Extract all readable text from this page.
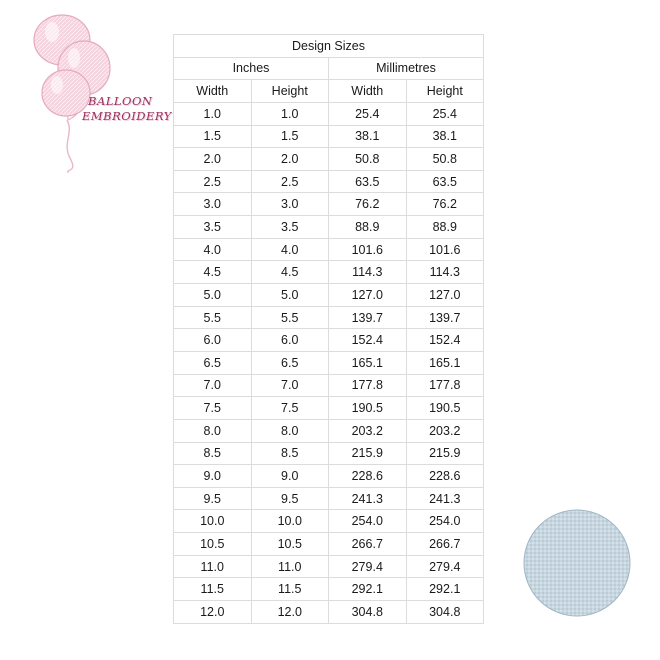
BALLOON
EMBROIDERY
Design Sizes			
Inches		Millimetres	
Width	Height	Width	Height
1.0	1.0	25.4	25.4
1.5	1.5	38.1	38.1
2.0	2.0	50.8	50.8
2.5	2.5	63.5	63.5
3.0	3.0	76.2	76.2
3.5	3.5	88.9	88.9
4.0	4.0	101.6	101.6
4.5	4.5	114.3	114.3
5.0	5.0	127.0	127.0
5.5	5.5	139.7	139.7
6.0	6.0	152.4	152.4
6.5	6.5	165.1	165.1
7.0	7.0	177.8	177.8
7.5	7.5	190.5	190.5
8.0	8.0	203.2	203.2
8.5	8.5	215.9	215.9
9.0	9.0	228.6	228.6
9.5	9.5	241.3	241.3
10.0	10.0	254.0	254.0
10.5	10.5	266.7	266.7
11.0	11.0	279.4	279.4
11.5	11.5	292.1	292.1
12.0	12.0	304.8	304.8
